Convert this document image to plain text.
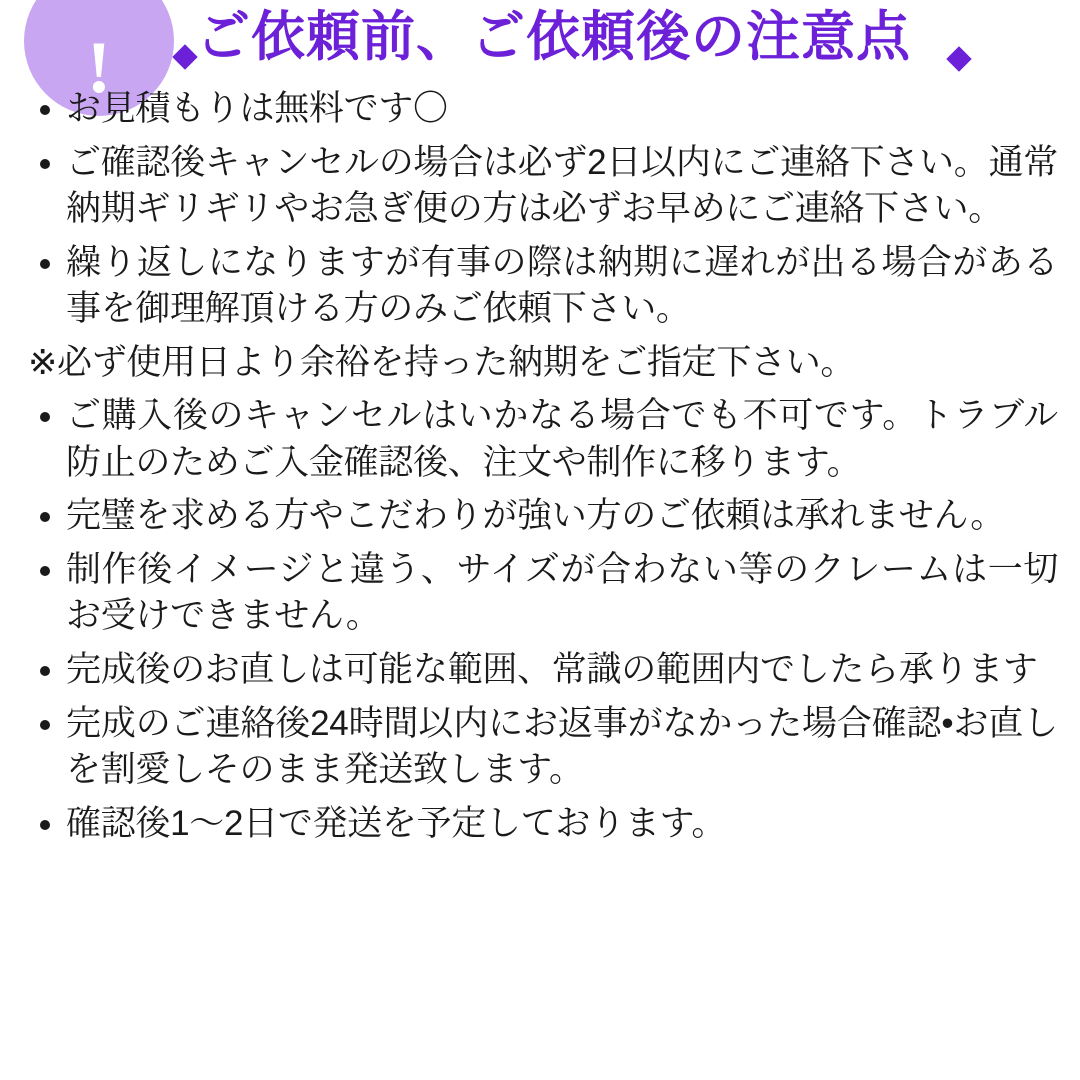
! ご依頼前、ご依頼後の注意点
お見積もりは無料です〇
ご確認後キャンセルの場合は必ず2日以内にご連絡下さい。通常納期ギリギリやお急ぎ便の方は必ずお早めにご連絡下さい。
繰り返しになりますが有事の際は納期に遅れが出る場合がある事を御理解頂ける方のみご依頼下さい。
※必ず使用日より余裕を持った納期をご指定下さい。
ご購入後のキャンセルはいかなる場合でも不可です。トラブル防止のためご入金確認後、注文や制作に移ります。
完璧を求める方やこだわりが強い方のご依頼は承れません。
制作後イメージと違う、サイズが合わない等のクレームは一切お受けできません。
完成後のお直しは可能な範囲、常識の範囲内でしたら承ります
完成のご連絡後24時間以内にお返事がなかった場合確認•お直しを割愛しそのまま発送致します。
確認後1〜2日で発送を予定しております。
